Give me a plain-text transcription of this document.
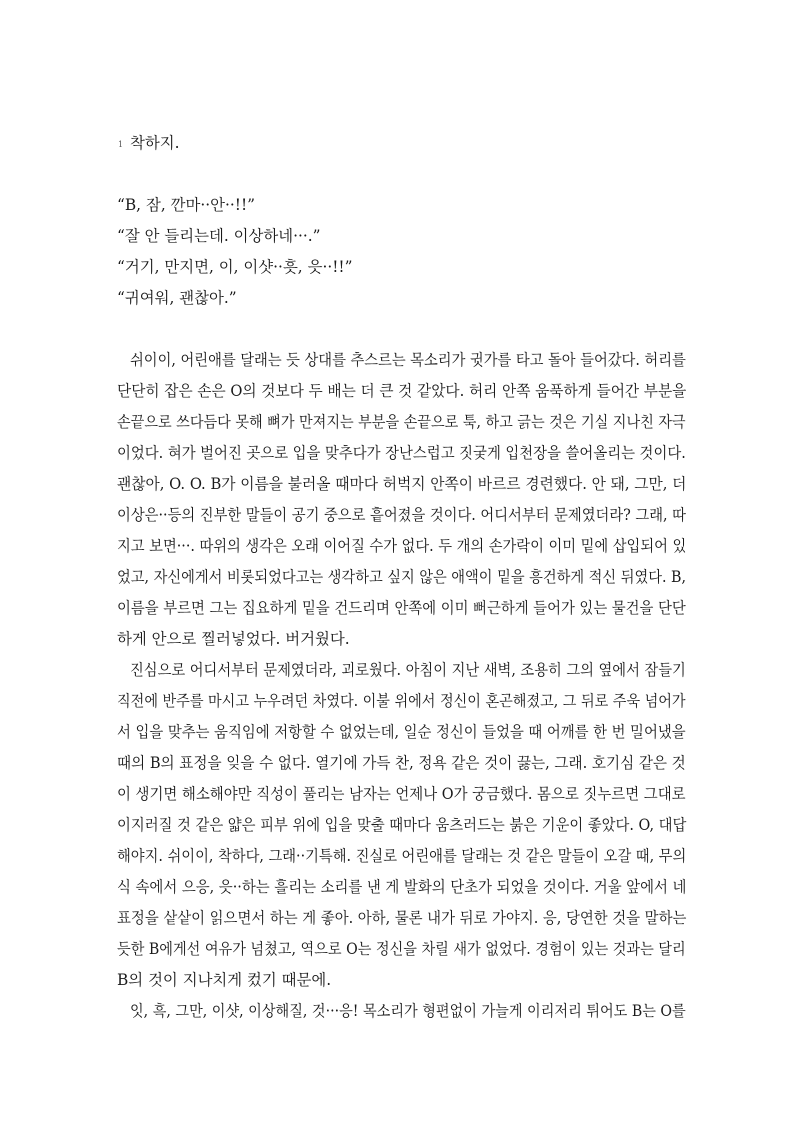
1 착하지.
“B, 잠, 깐마··안··!!”
“잘 안 들리는데. 이상하네···.”
“거기, 만지면, 이, 이샷··흣, 읏··!!”
“귀여워, 괜찮아.”
쉬이이, 어린애를 달래는 듯 상대를 추스르는 목소리가 귓가를 타고 돌아 들어갔다. 허리를
단단히 잡은 손은 O의 것보다 두 배는 더 큰 것 같았다. 허리 안쪽 움푹하게 들어간 부분을
손끝으로 쓰다듬다 못해 뼈가 만져지는 부분을 손끝으로 툭, 하고 긁는 것은 기실 지나친 자극
이었다. 혀가 벌어진 곳으로 입을 맞추다가 장난스럽고 짓궂게 입천장을 쓸어올리는 것이다.
괜찮아, O. O. B가 이름을 불러올 때마다 허벅지 안쪽이 바르르 경련했다. 안 돼, 그만, 더
이상은··등의 진부한 말들이 공기 중으로 흩어졌을 것이다. 어디서부터 문제였더라? 그래, 따
지고 보면···. 따위의 생각은 오래 이어질 수가 없다. 두 개의 손가락이 이미 밑에 삽입되어 있
었고, 자신에게서 비롯되었다고는 생각하고 싶지 않은 애액이 밑을 흥건하게 적신 뒤였다. B,
이름을 부르면 그는 집요하게 밑을 건드리며 안쪽에 이미 뻐근하게 들어가 있는 물건을 단단
하게 안으로 찔러넣었다. 버거웠다.
진심으로 어디서부터 문제였더라, 괴로웠다. 아침이 지난 새벽, 조용히 그의 옆에서 잠들기
직전에 반주를 마시고 누우려던 차였다. 이불 위에서 정신이 혼곤해졌고, 그 뒤로 주욱 넘어가
서 입을 맞추는 움직임에 저항할 수 없었는데, 일순 정신이 들었을 때 어깨를 한 번 밀어냈을
때의 B의 표정을 잊을 수 없다. 열기에 가득 찬, 정욕 같은 것이 끓는, 그래. 호기심 같은 것
이 생기면 해소해야만 직성이 풀리는 남자는 언제나 O가 궁금했다. 몸으로 짓누르면 그대로
이지러질 것 같은 얇은 피부 위에 입을 맞출 때마다 움츠러드는 붉은 기운이 좋았다. O, 대답
해야지. 쉬이이, 착하다, 그래··기특해. 진실로 어린애를 달래는 것 같은 말들이 오갈 때, 무의
식 속에서 으응, 읏··하는 흘리는 소리를 낸 게 발화의 단초가 되었을 것이다. 거울 앞에서 네
표정을 샅샅이 읽으면서 하는 게 좋아. 아하, 물론 내가 뒤로 가야지. 응, 당연한 것을 말하는
듯한 B에게선 여유가 넘쳤고, 역으로 O는 정신을 차릴 새가 없었다. 경험이 있는 것과는 달리
B의 것이 지나치게 컸기 때문에.
잇, 흑, 그만, 이샷, 이상해질, 것···응! 목소리가 형편없이 가늘게 이리저리 튀어도 B는 O를
